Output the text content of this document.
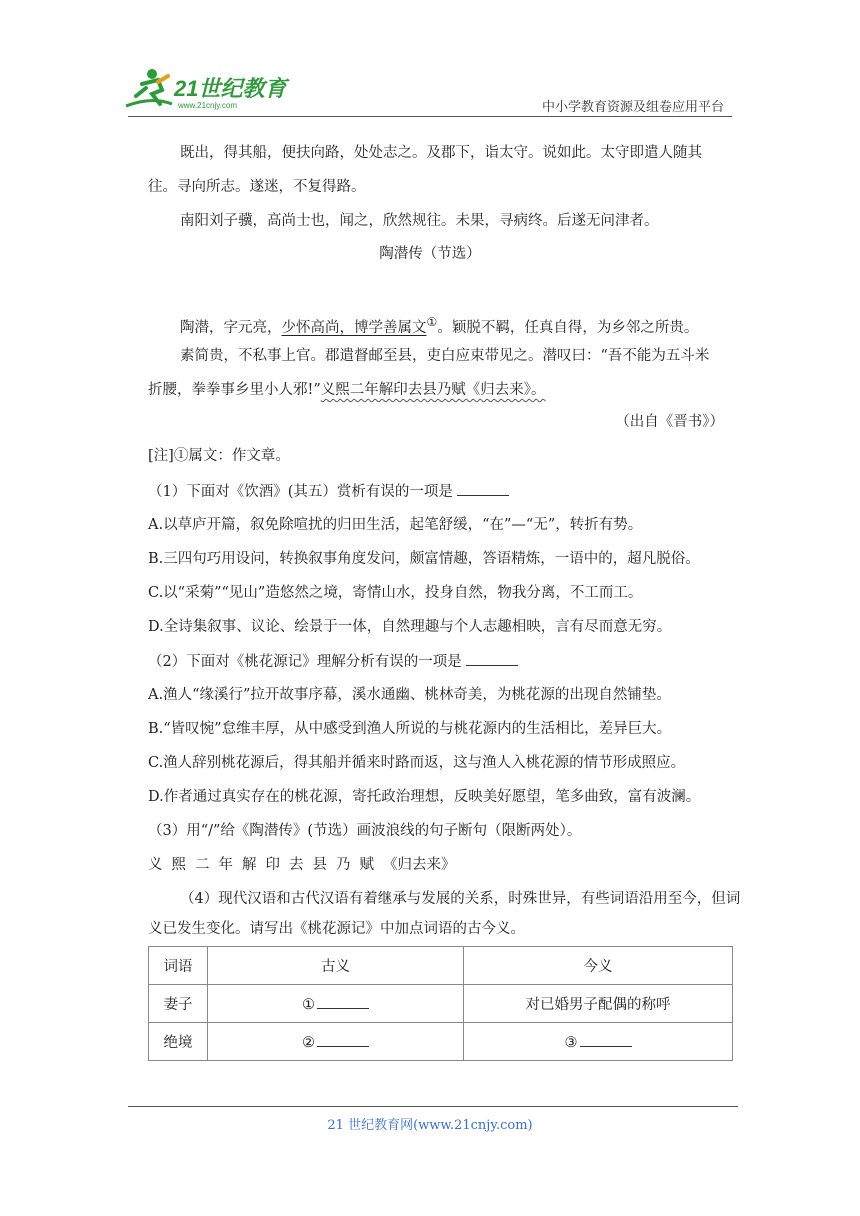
21世纪教育
www.21cnjy.com	中小学教育资源及组卷应用平台
既出，得其船，便扶向路，处处志之。及郡下，诣太守。说如此。太守即遣人随其
往。寻向所志。遂迷，不复得路。
南阳刘子骥，高尚士也，闻之，欣然规往。未果，寻病终。后遂无问津者。
陶潜传（节选）
陶潜，字元亮，少怀高尚，博学善属文①。颖脱不羁，任真自得，为乡邻之所贵。
素简贵，不私事上官。郡遣督邮至县，吏白应束带见之。潜叹曰：“吾不能为五斗米
折腰，拳拳事乡里小人邪!”义熙二年解印去县乃赋《归去来》。
（出自《晋书》）
[注]①属文：作文章。
（1）下面对《饮酒》(其五）赏析有误的一项是
A.以草庐开篇，叙免除喧扰的归田生活，起笔舒缓，“在”—“无”，转折有势。
B.三四句巧用设问，转换叙事角度发问，颇富情趣，答语精炼，一语中的，超凡脱俗。
C.以“采菊”“见山”造悠然之境，寄情山水，投身自然，物我分离，不工而工。
D.全诗集叙事、议论、绘景于一体，自然理趣与个人志趣相映，言有尽而意无穷。
（2）下面对《桃花源记》理解分析有误的一项是
A.渔人“缘溪行”拉开故事序幕，溪水通幽、桃林奇美，为桃花源的出现自然铺垫。
B.“皆叹惋”怠维丰厚，从中感受到渔人所说的与桃花源内的生活相比，差异巨大。
C.渔人辞别桃花源后，得其船并循来时路而返，这与渔人入桃花源的情节形成照应。
D.作者通过真实存在的桃花源，寄托政治理想，反映美好愿望，笔多曲致，富有波澜。
（3）用“/”给《陶潜传》(节选）画波浪线的句子断句（限断两处）。
义熙二年解印去县乃赋《归去来》
（4）现代汉语和古代汉语有着继承与发展的关系，时殊世异，有些词语沿用至今，但词
义已发生变化。请写出《桃花源记》中加点词语的古今义。
词语	古义	今义
妻子	①	对已婚男子配偶的称呼
绝境	②	③
21 世纪教育网(www.21cnjy.com)
